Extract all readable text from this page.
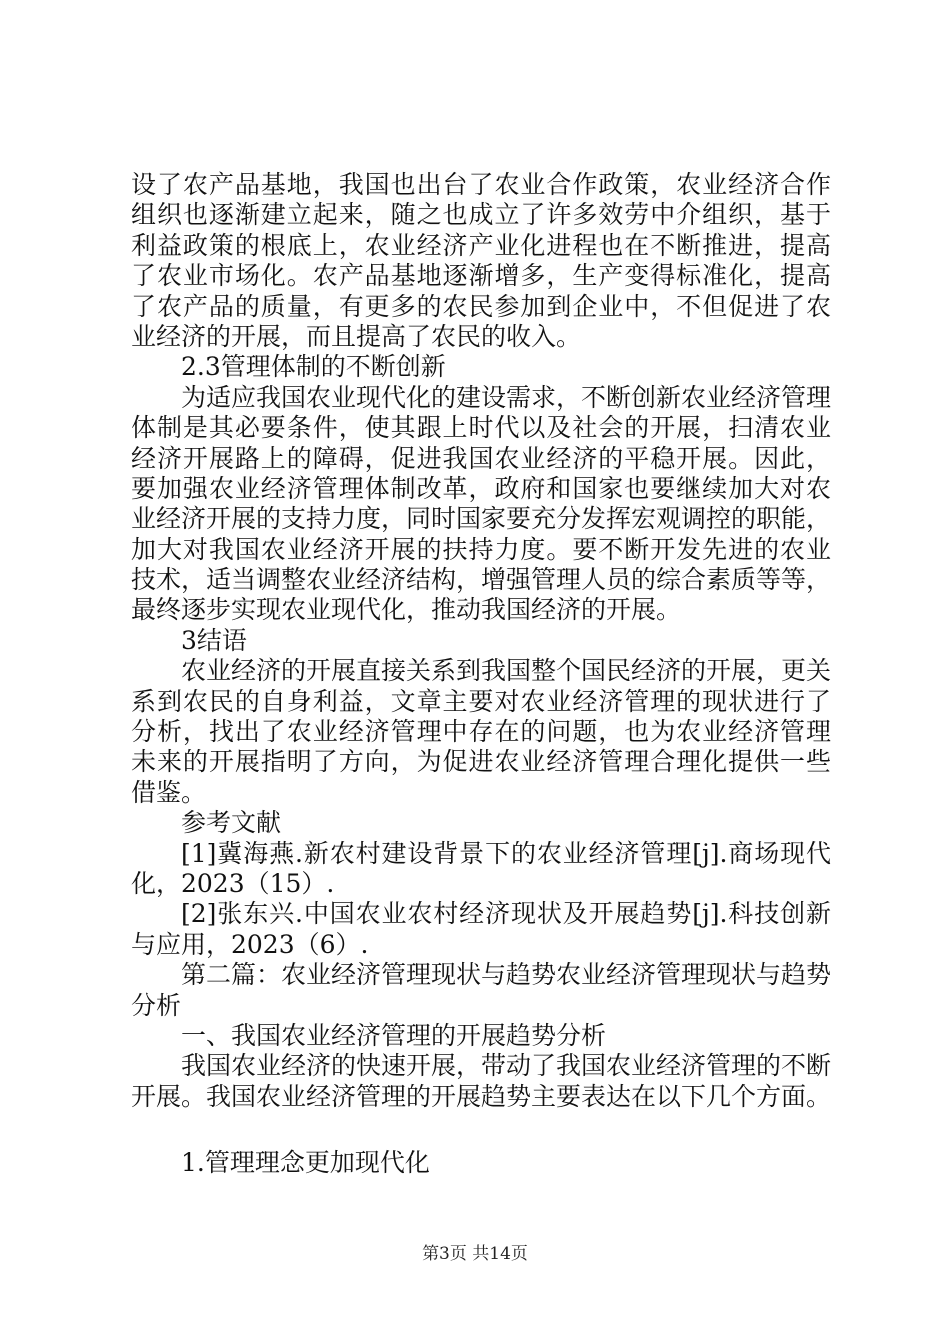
设了农产品基地，我国也出台了农业合作政策，农业经济合作
组织也逐渐建立起来，随之也成立了许多效劳中介组织，基于
利益政策的根底上，农业经济产业化进程也在不断推进，提高
了农业市场化。农产品基地逐渐增多，生产变得标准化，提高
了农产品的质量，有更多的农民参加到企业中，不但促进了农
业经济的开展，而且提高了农民的收入。
2.3管理体制的不断创新
为适应我国农业现代化的建设需求，不断创新农业经济管理
体制是其必要条件，使其跟上时代以及社会的开展，扫清农业
经济开展路上的障碍，促进我国农业经济的平稳开展。因此，
要加强农业经济管理体制改革，政府和国家也要继续加大对农
业经济开展的支持力度，同时国家要充分发挥宏观调控的职能，
加大对我国农业经济开展的扶持力度。要不断开发先进的农业
技术，适当调整农业经济结构，增强管理人员的综合素质等等，
最终逐步实现农业现代化，推动我国经济的开展。
3结语
农业经济的开展直接关系到我国整个国民经济的开展，更关
系到农民的自身利益，文章主要对农业经济管理的现状进行了
分析，找出了农业经济管理中存在的问题，也为农业经济管理
未来的开展指明了方向，为促进农业经济管理合理化提供一些
借鉴。
参考文献
[1]冀海燕.新农村建设背景下的农业经济管理[j].商场现代
化，2023（15）.
[2]张东兴.中国农业农村经济现状及开展趋势[j].科技创新
与应用，2023（6）.
第二篇：农业经济管理现状与趋势农业经济管理现状与趋势
分析
一、我国农业经济管理的开展趋势分析
我国农业经济的快速开展，带动了我国农业经济管理的不断
开展。我国农业经济管理的开展趋势主要表达在以下几个方面。
1.管理理念更加现代化
第3页 共14页
